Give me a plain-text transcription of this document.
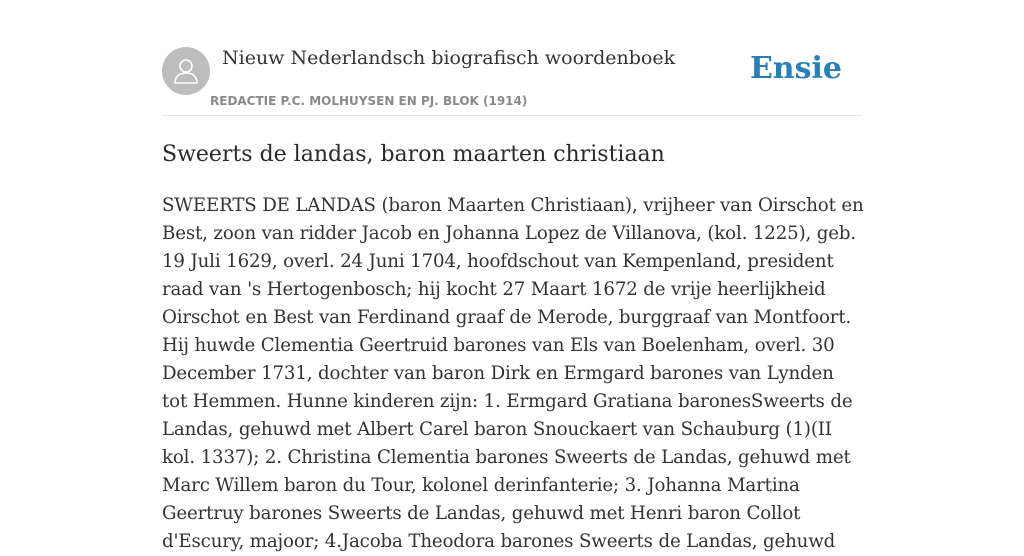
Nieuw Nederlandsch biografisch woordenboek Ensie
REDACTIE P.C. MOLHUYSEN EN PJ. BLOK (1914)
Sweerts de landas, baron maarten christiaan

SWEERTS DE LANDAS (baron Maarten Christiaan), vrijheer van Oirschot en Best, zoon van ridder Jacob en Johanna Lopez de Villanova, (kol. 1225), geb. 19 Juli 1629, overl. 24 Juni 1704, hoofdschout van Kempenland, president raad van 's Hertogenbosch; hij kocht 27 Maart 1672 de vrije heerlijkheid Oirschot en Best van Ferdinand graaf de Merode, burggraaf van Montfoort. Hij huwde Clementia Geertruid barones van Els van Boelenham, overl. 30 December 1731, dochter van baron Dirk en Ermgard barones van Lynden tot Hemmen. Hunne kinderen zijn: 1. Ermgard Gratiana baronesSweerts de Landas, gehuwd met Albert Carel baron Snouckaert van Schauburg (1)(II kol. 1337); 2. Christina Clementia barones Sweerts de Landas, gehuwd met Marc Willem baron du Tour, kolonel derinfanterie; 3. Johanna Martina Geertruy barones Sweerts de Landas, gehuwd met Henri baron Collot d'Escury, majoor; 4.Jacoba Theodora barones Sweerts de Landas, gehuwd
